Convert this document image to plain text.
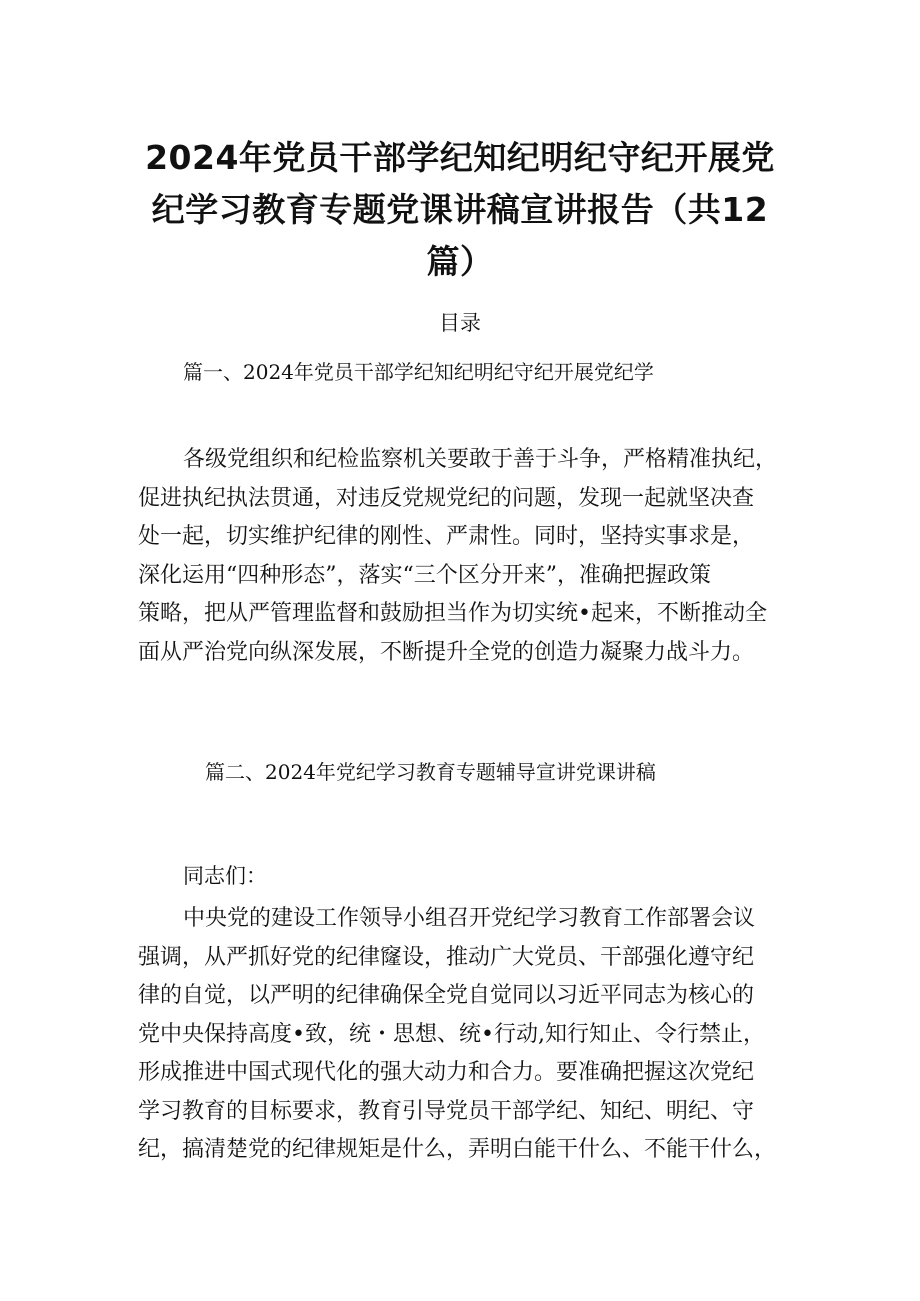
2024年党员干部学纪知纪明纪守纪开展党
纪学习教育专题党课讲稿宣讲报告（共12
篇）
目录
篇一、2024年党员干部学纪知纪明纪守纪开展党纪学
各级党组织和纪检监察机关要敢于善于斗争，严格精准执纪，
促进执纪执法贯通，对违反党规党纪的问题，发现一起就坚决查
处一起，切实维护纪律的刚性、严肃性。同时，坚持实事求是，
深化运用“四种形态”，落实“三个区分开来”，准确把握政策
策略，把从严管理监督和鼓励担当作为切实统•起来，不断推动全
面从严治党向纵深发展，不断提升全党的创造力凝聚力战斗力。
篇二、2024年党纪学习教育专题辅导宣讲党课讲稿
同志们：
中央党的建设工作领导小组召开党纪学习教育工作部署会议
强调，从严抓好党的纪律窿设，推动广大党员、干部强化遵守纪
律的自觉，以严明的纪律确保全党自觉同以习近平同志为核心的
党中央保持高度•致，统・思想、统•行动,知行知止、令行禁止，
形成推进中国式现代化的强大动力和合力。要准确把握这次党纪
学习教育的目标要求，教育引导党员干部学纪、知纪、明纪、守
纪，搞清楚党的纪律规矩是什么，弄明白能干什么、不能干什么，
